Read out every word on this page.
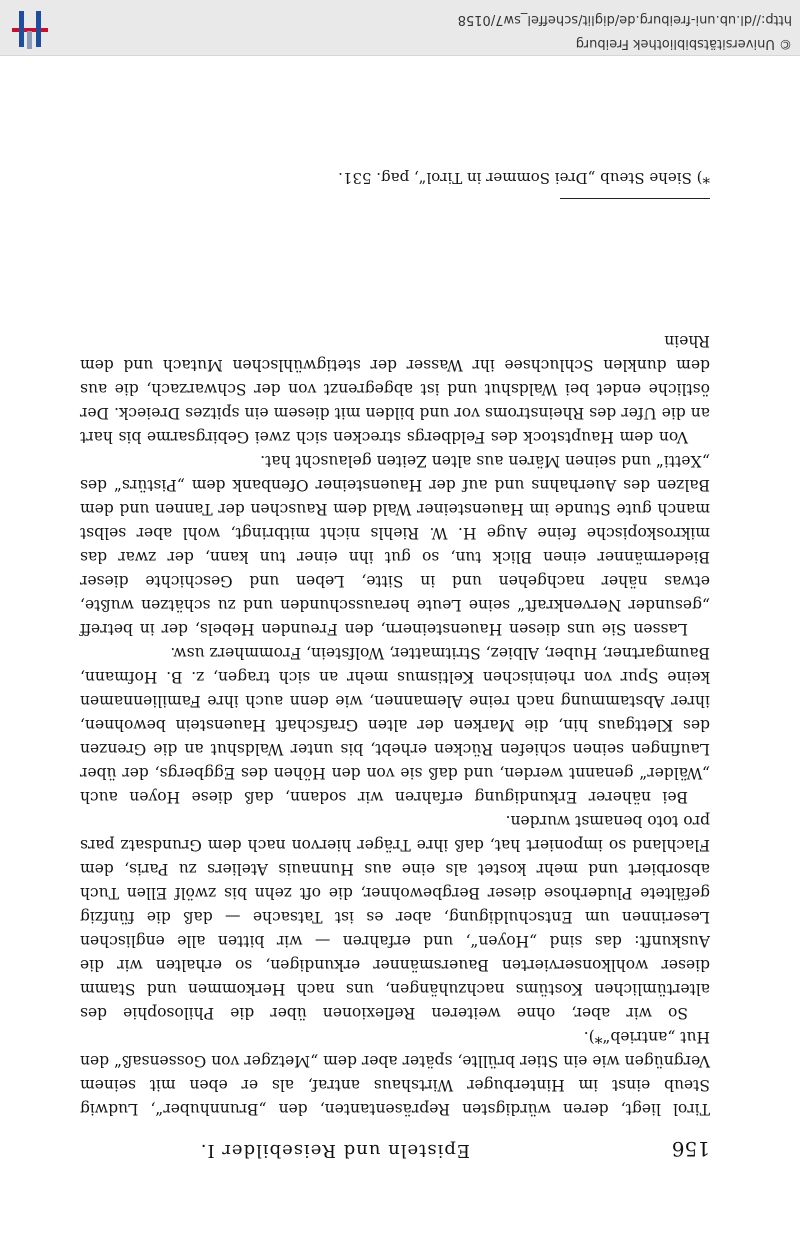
156
Episteln und Reisebilder I.

Tirol liegt, deren würdigsten Repräsentanten, den „Brunnhuber“, Ludwig Steub einst im Hinterbuger Wirtshaus antraf, als er eben mit seinem Vergnügen wie ein Stier brüllte, später aber dem „Metzger von Gossensaß“ den Hut „antrieb“*).

So wir aber, ohne weiteren Reflexionen über die Philosophie des altertümlichen Kostüms nachzuhängen, uns nach Herkommen und Stamm dieser wohlkonservierten Bauersmänner erkundigen, so erhalten wir die Auskunft: das sind „Hoyen“, und erfahren — wir bitten alle englischen Leserinnen um Entschuldigung, aber es ist Tatsache — daß die fünfzig gefältete Pluderhose dieser Bergbewohner, die oft zehn bis zwölf Ellen Tuch absorbiert und mehr kostet als eine aus Hunnauis Ateliers zu Paris, dem Flachland so imponiert hat, daß ihre Träger hiervon nach dem Grundsatz pars pro toto benamst wurden.

Bei näherer Erkundigung erfahren wir sodann, daß diese Hoyen auch „Wälder“ genannt werden, und daß sie von den Höhen des Eggbergs, der über Laufingen seinen schiefen Rücken erhebt, bis unter Waldshut an die Grenzen des Klettgaus hin, die Marken der alten Grafschaft Hauenstein bewohnen, ihrer Abstammung nach reine Alemannen, wie denn auch ihre Familiennamen keine Spur von rheinischen Keltismus mehr an sich tragen, z. B. Hofmann, Baumgartner, Huber, Albiez, Stritmatter, Wolfstein, Frommherz usw.

Lassen Sie uns diesen Hauensteinern, den Freunden Hebels, der in betreff „gesunder Nervenkraft“ seine Leute herausschunden und zu schätzen wußte, etwas näher nachgehen und in Sitte, Leben und Geschichte dieser Biedermänner einen Blick tun, so gut ihn einer tun kann, der zwar das mikroskopische feine Auge H. W. Riehls nicht mitbringt, wohl aber selbst manch gute Stunde im Hauensteiner Wald dem Rauschen der Tannen und dem Balzen des Auerhahns und auf der Hauensteiner Ofenbank dem „Pistürs“ des „Xetti“ und seinen Mären aus alten Zeiten gelauscht hat.

Von dem Hauptstock des Feldbergs strecken sich zwei Gebirgsarme bis hart an die Ufer des Rheinstroms vor und bilden mit diesem ein spitzes Dreieck. Der östliche endet bei Waldshut und ist abgegrenzt von der Schwarzach, die aus dem dunklen Schluchsee ihr Wasser der stetigwühlschen Mutach und dem Rhein

*) Siehe Steub „Drei Sommer in Tirol“, pag. 531.
© Universitätsbibliothek Freiburg
http://dl.ub.uni-freiburg.de/diglit/scheffel_sw7/0158
